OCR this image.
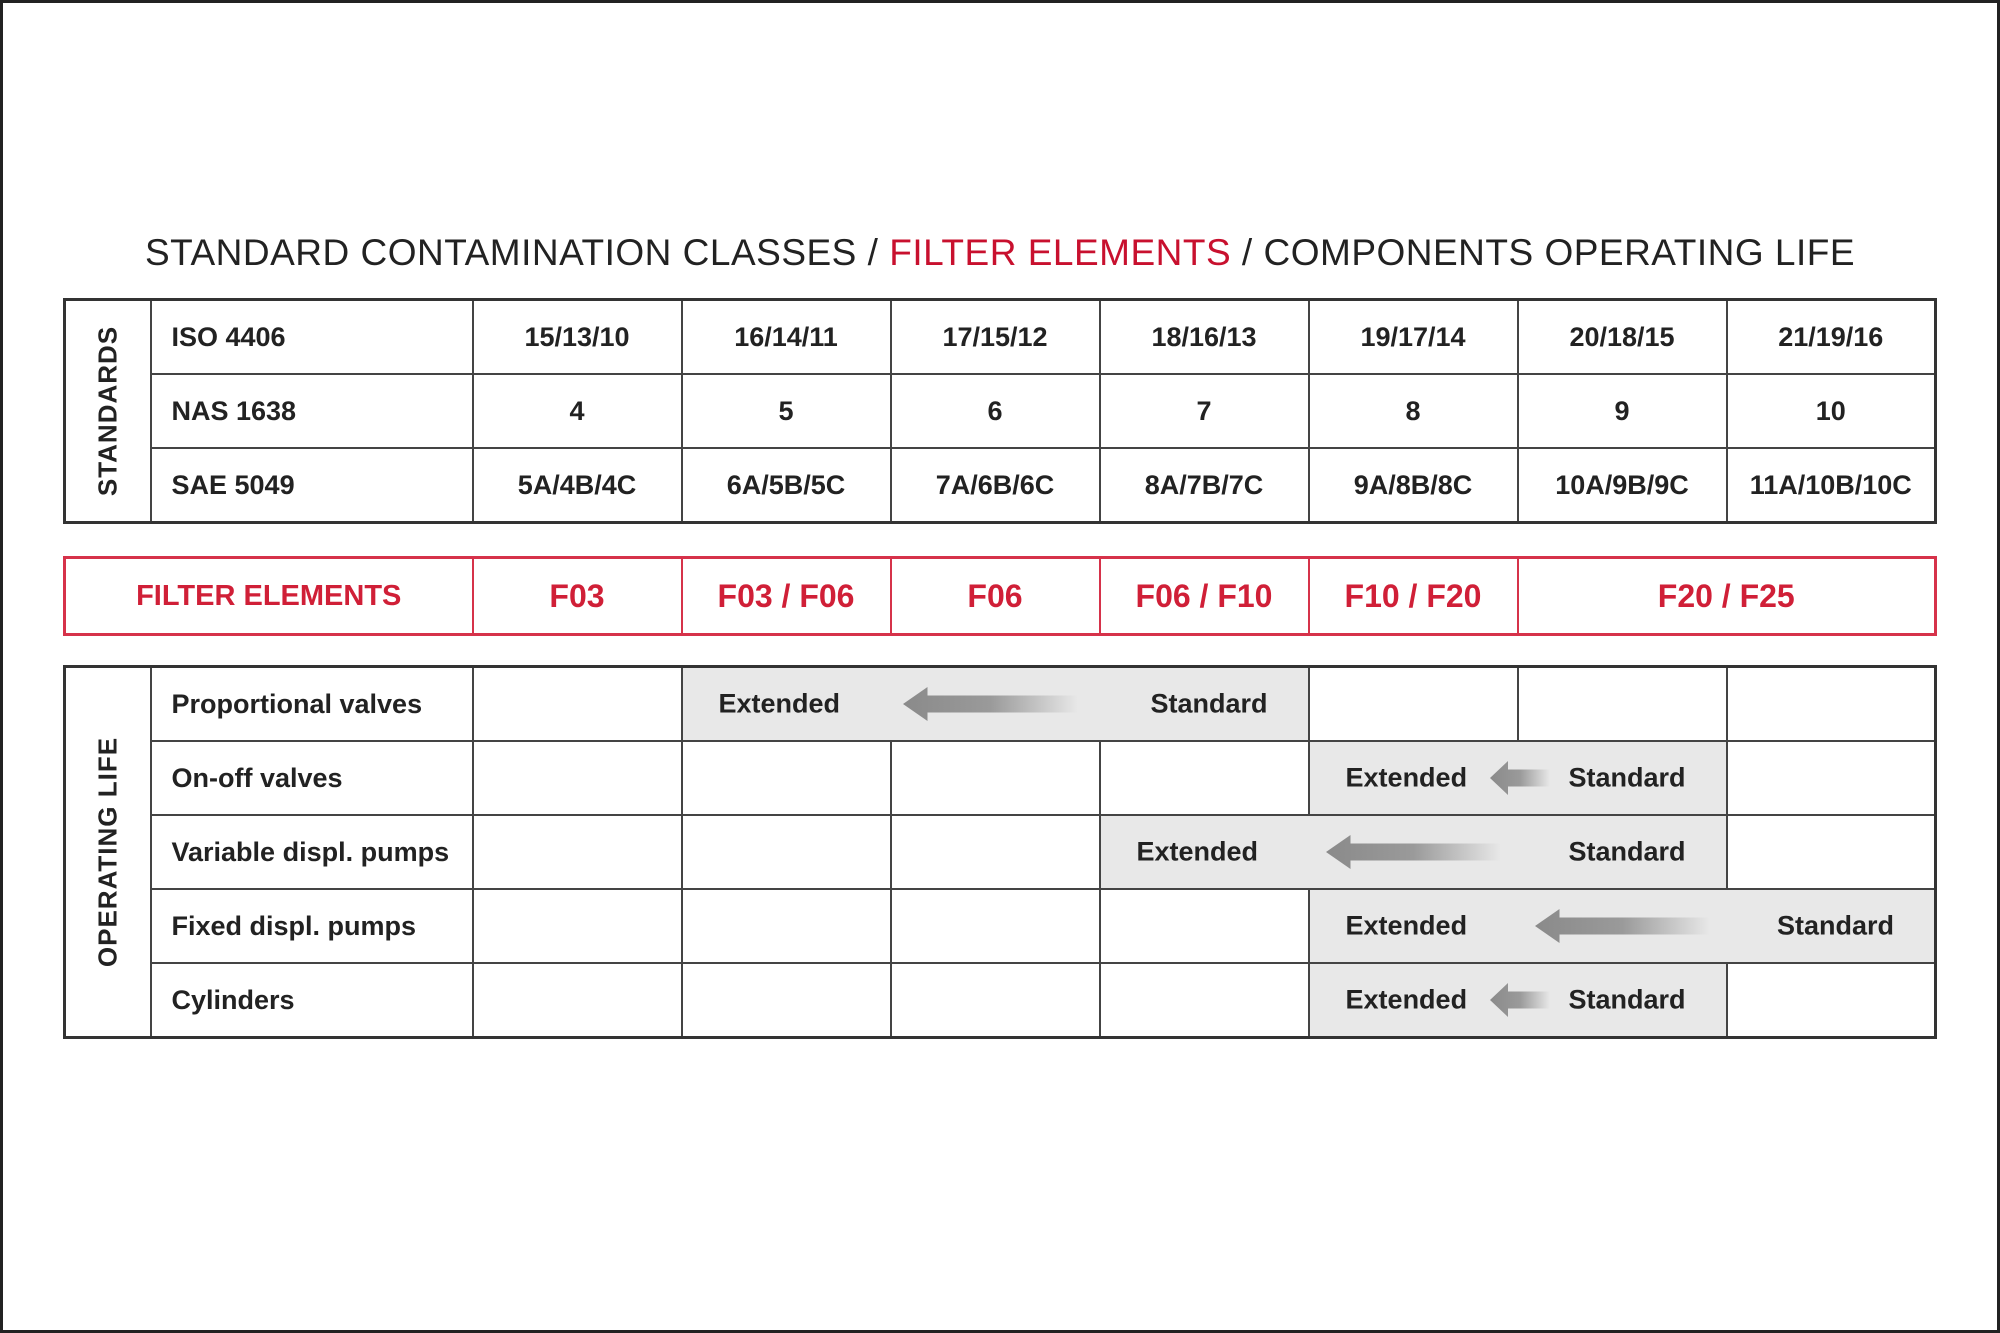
STANDARD CONTAMINATION CLASSES / FILTER ELEMENTS / COMPONENTS OPERATING LIFE
STANDARDS	ISO 4406	15/13/10	16/14/11	17/15/12	18/16/13	19/17/14	20/18/15	21/19/16
	NAS 1638	4	5	6	7	8	9	10
	SAE 5049	5A/4B/4C	6A/5B/5C	7A/6B/6C	8A/7B/7C	9A/8B/8C	10A/9B/9C	11A/10B/10C
FILTER ELEMENTS	F03	F03 / F06	F06	F06 / F10	F10 / F20	F20 / F25
OPERATING LIFE	Proportional valves		Extended Standard					

	On-off valves					Extended Standard		

	Variable displ. pumps				Extended Standard			

	Fixed displ. pumps					Extended Standard		

	Cylinders					Extended Standard		
